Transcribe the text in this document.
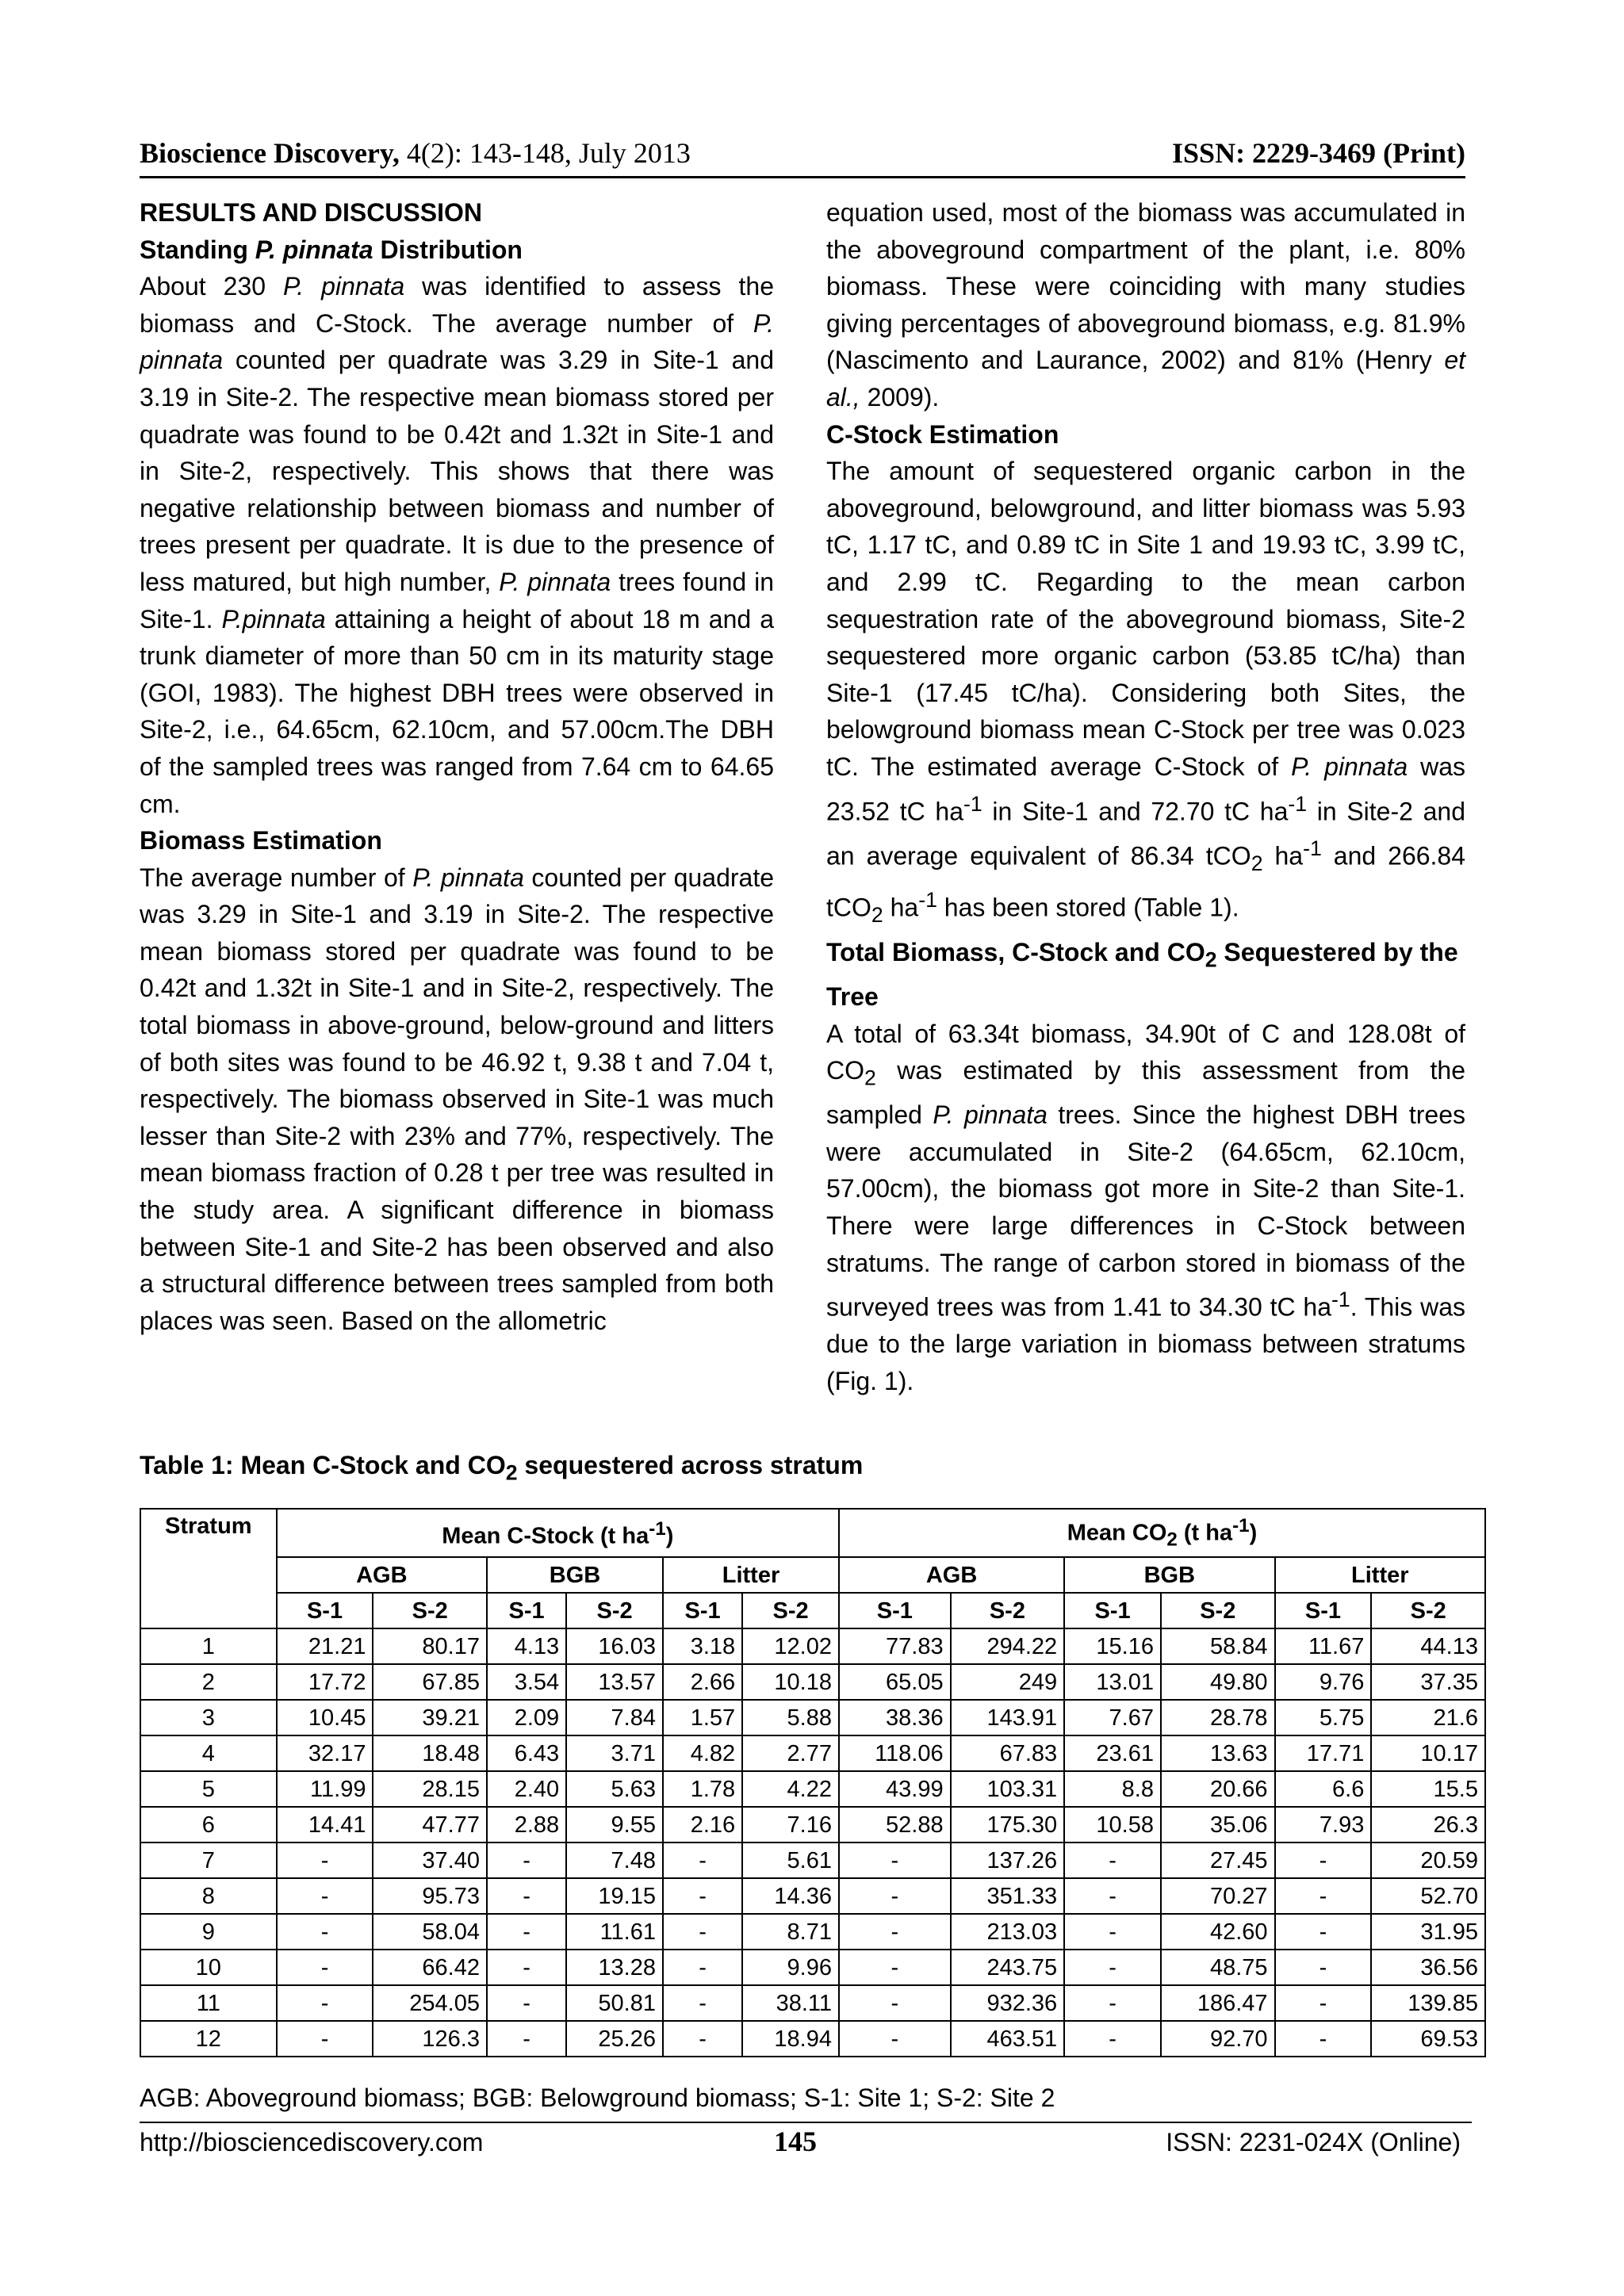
Bioscience Discovery, 4(2): 143-148, July 2013	ISSN: 2229-3469 (Print)
RESULTS AND DISCUSSION
Standing P. pinnata Distribution

About 230 P. pinnata was identified to assess the biomass and C-Stock. The average number of P. pinnata counted per quadrate was 3.29 in Site-1 and 3.19 in Site-2. The respective mean biomass stored per quadrate was found to be 0.42t and 1.32t in Site-1 and in Site-2, respectively. This shows that there was negative relationship between biomass and number of trees present per quadrate. It is due to the presence of less matured, but high number, P. pinnata trees found in Site-1. P.pinnata attaining a height of about 18 m and a trunk diameter of more than 50 cm in its maturity stage (GOI, 1983). The highest DBH trees were observed in Site-2, i.e., 64.65cm, 62.10cm, and 57.00cm.The DBH of the sampled trees was ranged from 7.64 cm to 64.65 cm.

Biomass Estimation

The average number of P. pinnata counted per quadrate was 3.29 in Site-1 and 3.19 in Site-2. The respective mean biomass stored per quadrate was found to be 0.42t and 1.32t in Site-1 and in Site-2, respectively. The total biomass in above-ground, below-ground and litters of both sites was found to be 46.92 t, 9.38 t and 7.04 t, respectively. The biomass observed in Site-1 was much lesser than Site-2 with 23% and 77%, respectively. The mean biomass fraction of 0.28 t per tree was resulted in the study area. A significant difference in biomass between Site-1 and Site-2 has been observed and also a structural difference between trees sampled from both places was seen. Based on the allometric

equation used, most of the biomass was accumulated in the aboveground compartment of the plant, i.e. 80% biomass. These were coinciding with many studies giving percentages of aboveground biomass, e.g. 81.9% (Nascimento and Laurance, 2002) and 81% (Henry et al., 2009).

C-Stock Estimation

The amount of sequestered organic carbon in the aboveground, belowground, and litter biomass was 5.93 tC, 1.17 tC, and 0.89 tC in Site 1 and 19.93 tC, 3.99 tC, and 2.99 tC. Regarding to the mean carbon sequestration rate of the aboveground biomass, Site-2 sequestered more organic carbon (53.85 tC/ha) than Site-1 (17.45 tC/ha). Considering both Sites, the belowground biomass mean C-Stock per tree was 0.023 tC. The estimated average C-Stock of P. pinnata was 23.52 tC $ha^{-1}$ in Site-1 and 72.70 tC $ha^{-1}$ in Site-2 and an average equivalent of 86.34 tCO$_2$ $ha^{-1}$ and 266.84 tCO$_2$ $ha^{-1}$ has been stored (Table 1).

Total Biomass, C-Stock and $CO_2$ Sequestered by the Tree

A total of 63.34t biomass, 34.90t of C and 128.08t of $CO_2$ was estimated by this assessment from the sampled P. pinnata trees. Since the highest DBH trees were accumulated in Site-2 (64.65cm, 62.10cm, 57.00cm), the biomass got more in Site-2 than Site-1. There were large differences in C-Stock between stratums. The range of carbon stored in biomass of the surveyed trees was from 1.41 to 34.30 tC $ha^{-1}$. This was due to the large variation in biomass between stratums (Fig. 1).

Table 1: Mean C-Stock and $CO_2$ sequestered across stratum
Stratum	Mean C-Stock (t $ha^{-1}$)						Mean $CO_2$ (t $ha^{-1}$)					
	AGB		BGB		Litter		AGB		BGB		Litter	
	S-1	S-2	S-1	S-2	S-1	S-2	S-1	S-2	S-1	S-2	S-1	S-2
1	21.21	80.17	4.13	16.03	3.18	12.02	77.83	294.22	15.16	58.84	11.67	44.13
2	17.72	67.85	3.54	13.57	2.66	10.18	65.05	249	13.01	49.80	9.76	37.35
3	10.45	39.21	2.09	7.84	1.57	5.88	38.36	143.91	7.67	28.78	5.75	21.6
4	32.17	18.48	6.43	3.71	4.82	2.77	118.06	67.83	23.61	13.63	17.71	10.17
5	11.99	28.15	2.40	5.63	1.78	4.22	43.99	103.31	8.8	20.66	6.6	15.5
6	14.41	47.77	2.88	9.55	2.16	7.16	52.88	175.30	10.58	35.06	7.93	26.3
7	-	37.40	-	7.48	-	5.61	-	137.26	-	27.45	-	20.59
8	-	95.73	-	19.15	-	14.36	-	351.33	-	70.27	-	52.70
9	-	58.04	-	11.61	-	8.71	-	213.03	-	42.60	-	31.95
10	-	66.42	-	13.28	-	9.96	-	243.75	-	48.75	-	36.56
11	-	254.05	-	50.81	-	38.11	-	932.36	-	186.47	-	139.85
12	-	126.3	-	25.26	-	18.94	-	463.51	-	92.70	-	69.53
AGB: Aboveground biomass; BGB: Belowground biomass; S-1: Site 1; S-2: Site 2
http://biosciencediscovery.com	145	ISSN: 2231-024X (Online)
